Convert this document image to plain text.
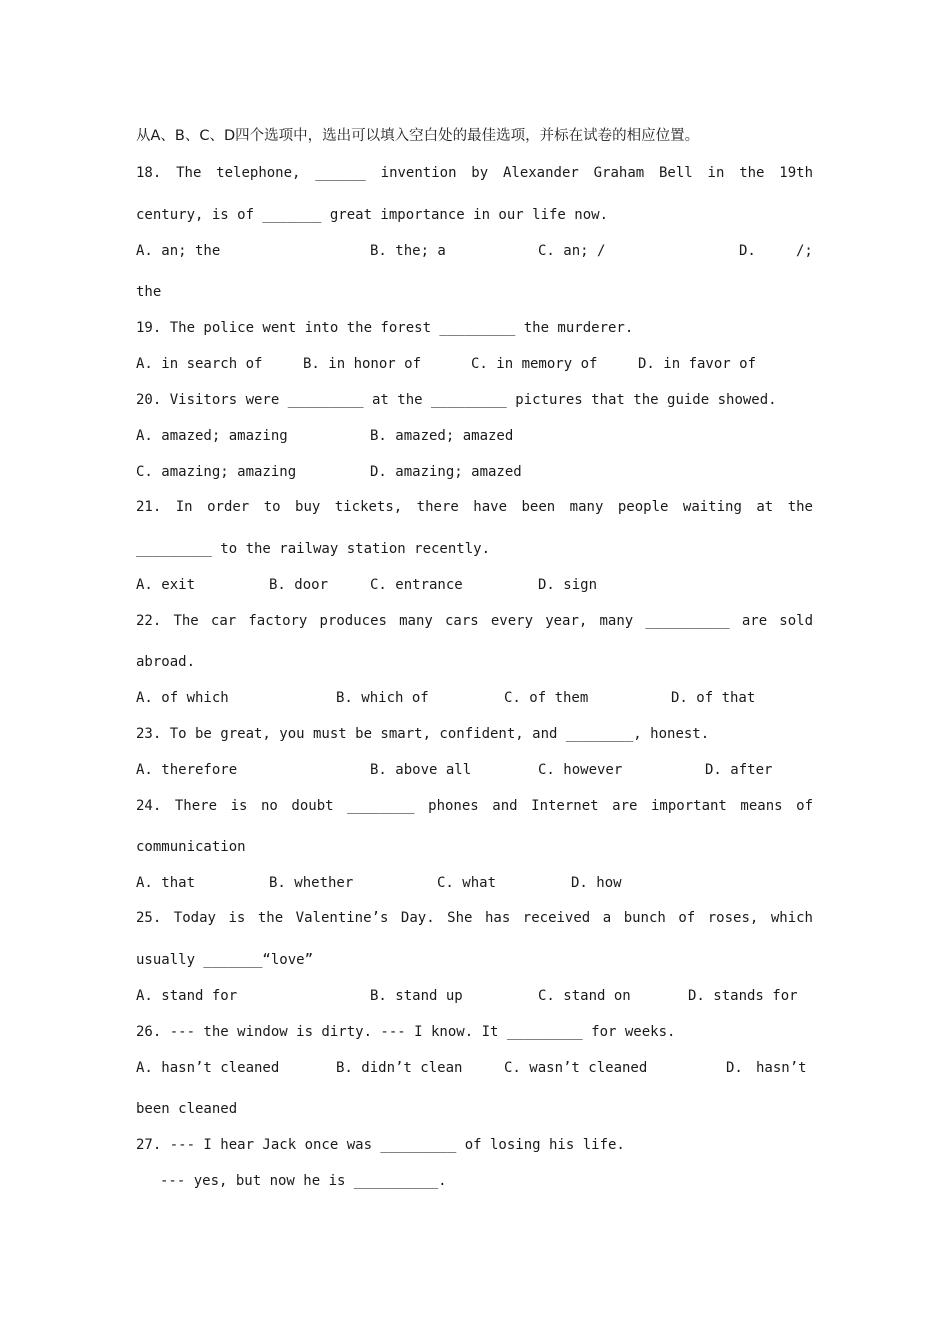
从A、B、C、D四个选项中，选出可以填入空白处的最佳选项，并标在试卷的相应位置。
18. The telephone, ______ invention by Alexander Graham Bell in the 19th
century, is of _______ great importance in our life now.

A. an; the

	B. the; a

	C. an; /

	D.

	/;

the
19. The police went into the forest _________ the murderer.

A. in search of

	B. in honor of

	C. in memory of

	D. in favor of

20. Visitors were _________ at the _________ pictures that the guide showed.

A. amazed; amazing

	B. amazed; amazed

C. amazing; amazing

	D. amazing; amazed

21. In order to buy tickets, there have been many people waiting at the
_________ to the railway station recently.

A. exit

	B. door

	C. entrance

	D. sign

22. The car factory produces many cars every year, many __________ are sold
abroad.

A. of which

	B. which of

	C. of them

	D. of that

23. To be great, you must be smart, confident, and ________, honest.

A. therefore

	B. above all

	C. however

	D. after

24. There is no doubt ________ phones and Internet are important means of
communication

A. that

	B. whether

	C. what

	D. how

25. Today is the Valentine’s Day. She has received a bunch of roses, which
usually _______“love”

A. stand for

	B. stand up

	C. stand on

	D. stands for

26. --- the window is dirty. --- I know. It _________ for weeks.

A. hasn’t cleaned

	B. didn’t clean

	C. wasn’t cleaned

	D.

hasn’t

been cleaned
27. --- I hear Jack once was _________ of losing his life.
--- yes, but now he is __________.
